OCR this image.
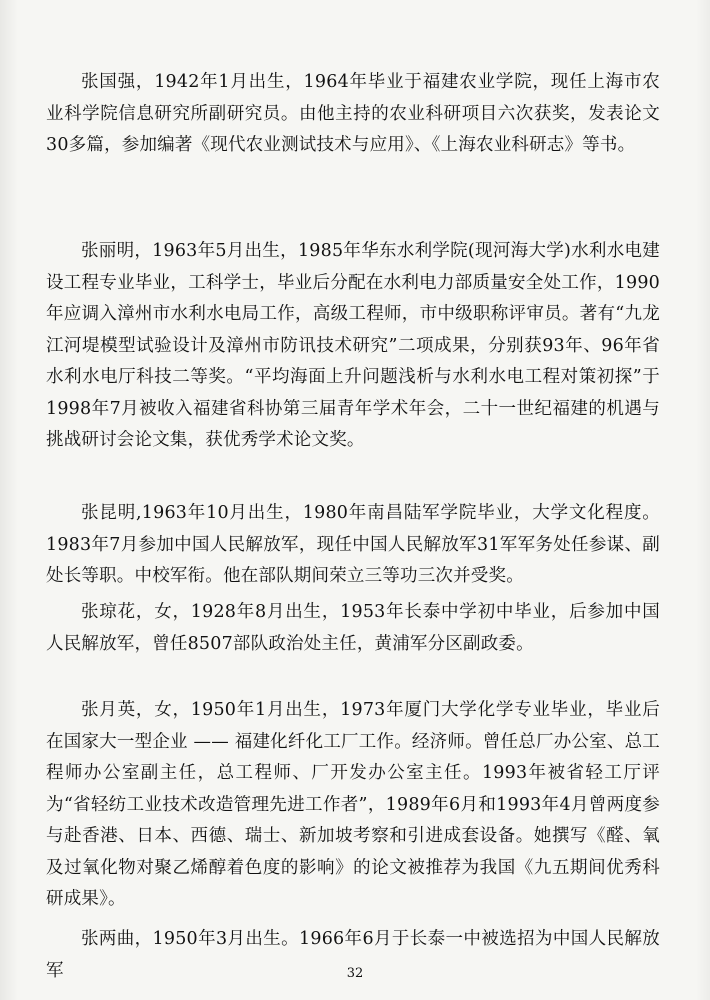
张国强，1942年1月出生，1964年毕业于福建农业学院，现任上海市农业科学院信息研究所副研究员。由他主持的农业科研项目六次获奖，发表论文30多篇，参加编著《现代农业测试技术与应用》、《上海农业科研志》等书。

张丽明，1963年5月出生，1985年华东水利学院(现河海大学)水利水电建设工程专业毕业，工科学士，毕业后分配在水利电力部质量安全处工作，1990年应调入漳州市水利水电局工作，高级工程师，市中级职称评审员。著有“九龙江河堤模型试验设计及漳州市防讯技术研究”二项成果，分别获93年、96年省水利水电厅科技二等奖。“平均海面上升问题浅析与水利水电工程对策初探”于1998年7月被收入福建省科协第三届青年学术年会，二十一世纪福建的机遇与挑战研讨会论文集，获优秀学术论文奖。

张昆明,1963年10月出生，1980年南昌陆军学院毕业，大学文化程度。1983年7月参加中国人民解放军，现任中国人民解放军31军军务处任参谋、副处长等职。中校军衔。他在部队期间荣立三等功三次并受奖。

张琼花，女，1928年8月出生，1953年长泰中学初中毕业，后参加中国人民解放军，曾任8507部队政治处主任，黄浦军分区副政委。

张月英，女，1950年1月出生，1973年厦门大学化学专业毕业，毕业后在国家大一型企业 —— 福建化纤化工厂工作。经济师。曾任总厂办公室、总工程师办公室副主任，总工程师、厂开发办公室主任。1993年被省轻工厅评为“省轻纺工业技术改造管理先进工作者”，1989年6月和1993年4月曾两度参与赴香港、日本、西德、瑞士、新加坡考察和引进成套设备。她撰写《醛、氧及过氧化物对聚乙烯醇着色度的影响》的论文被推荐为我国《九五期间优秀科研成果》。

张两曲，1950年3月出生。1966年6月于长泰一中被选招为中国人民解放军	32
